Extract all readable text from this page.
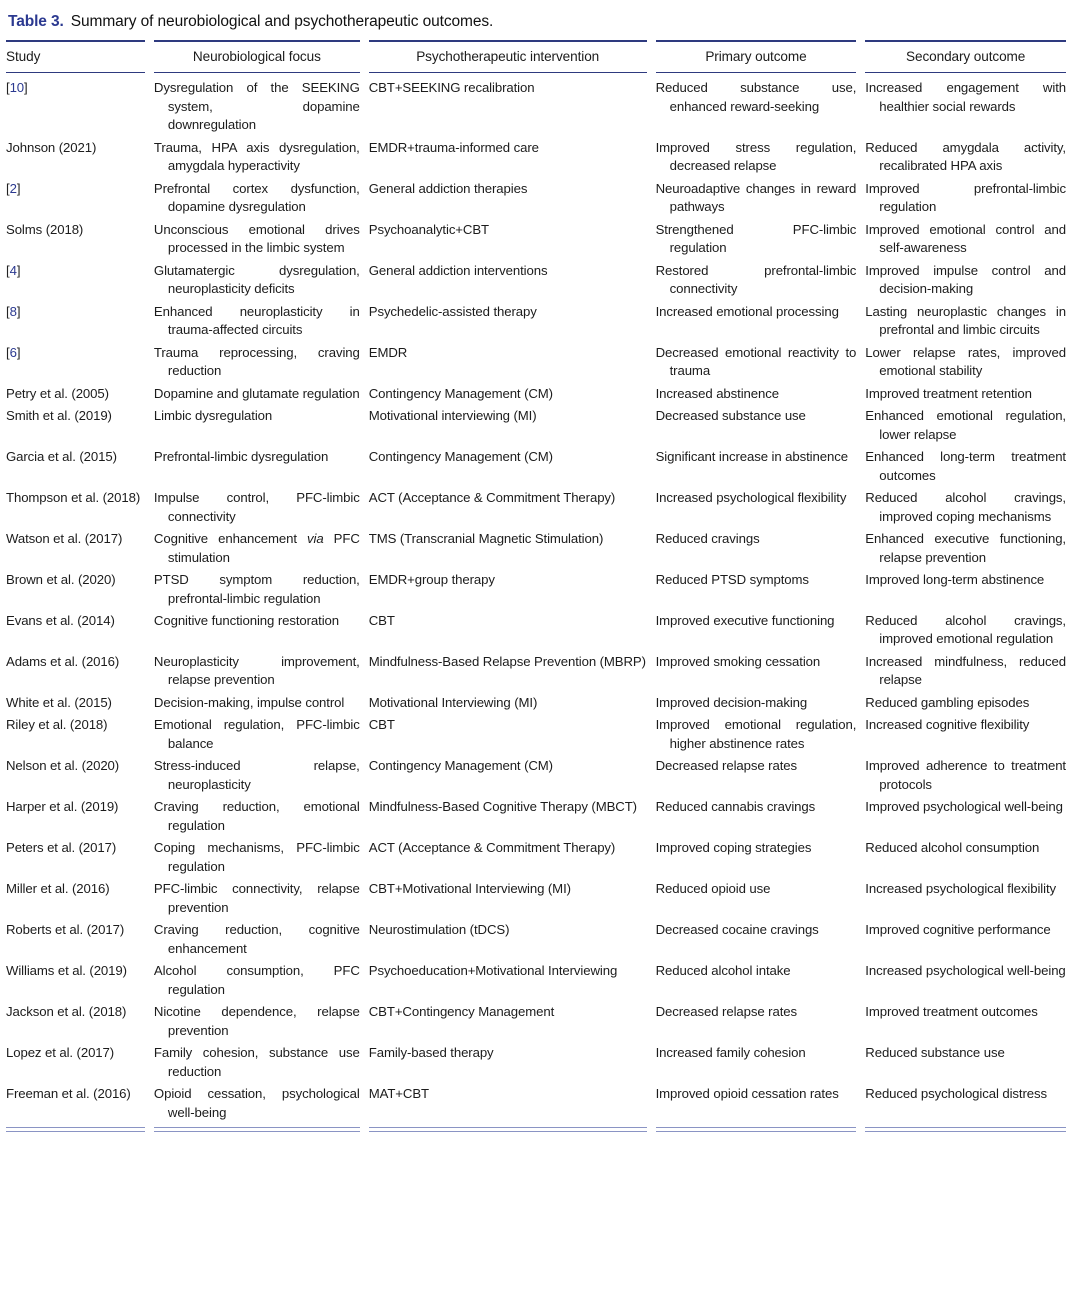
Table 3. Summary of neurobiological and psychotherapeutic outcomes.
Study	Neurobiological focus	Psychotherapeutic intervention	Primary outcome	Secondary outcome

[10]	Dysregulation of the SEEKING system, dopamine downregulation	CBT+SEEKING recalibration	Reduced substance use, enhanced reward-seeking	Increased engagement with healthier social rewards

Johnson (2021)	Trauma, HPA axis dysregulation, amygdala hyperactivity	EMDR+trauma-informed care	Improved stress regulation, decreased relapse	Reduced amygdala activity, recalibrated HPA axis

[2]	Prefrontal cortex dysfunction, dopamine dysregulation	General addiction therapies	Neuroadaptive changes in reward pathways	Improved prefrontal-limbic regulation

Solms (2018)	Unconscious emotional drives processed in the limbic system	Psychoanalytic+CBT	Strengthened PFC-limbic regulation	Improved emotional control and self-awareness

[4]	Glutamatergic dysregulation, neuroplasticity deficits	General addiction interventions	Restored prefrontal-limbic connectivity	Improved impulse control and decision-making

[8]	Enhanced neuroplasticity in trauma-affected circuits	Psychedelic-assisted therapy	Increased emotional processing	Lasting neuroplastic changes in prefrontal and limbic circuits

[6]	Trauma reprocessing, craving reduction	EMDR	Decreased emotional reactivity to trauma	Lower relapse rates, improved emotional stability

Petry et al. (2005)	Dopamine and glutamate regulation	Contingency Management (CM)	Increased abstinence	Improved treatment retention

Smith et al. (2019)	Limbic dysregulation	Motivational interviewing (MI)	Decreased substance use	Enhanced emotional regulation, lower relapse

Garcia et al. (2015)	Prefrontal-limbic dysregulation	Contingency Management (CM)	Significant increase in abstinence	Enhanced long-term treatment outcomes

Thompson et al. (2018)	Impulse control, PFC-limbic connectivity	ACT (Acceptance & Commitment Therapy)	Increased psychological flexibility	Reduced alcohol cravings, improved coping mechanisms

Watson et al. (2017)	Cognitive enhancement via PFC stimulation	TMS (Transcranial Magnetic Stimulation)	Reduced cravings	Enhanced executive functioning, relapse prevention

Brown et al. (2020)	PTSD symptom reduction, prefrontal-limbic regulation	EMDR+group therapy	Reduced PTSD symptoms	Improved long-term abstinence

Evans et al. (2014)	Cognitive functioning restoration	CBT	Improved executive functioning	Reduced alcohol cravings, improved emotional regulation

Adams et al. (2016)	Neuroplasticity improvement, relapse prevention	Mindfulness-Based Relapse Prevention (MBRP)	Improved smoking cessation	Increased mindfulness, reduced relapse

White et al. (2015)	Decision-making, impulse control	Motivational Interviewing (MI)	Improved decision-making	Reduced gambling episodes

Riley et al. (2018)	Emotional regulation, PFC-limbic balance	CBT	Improved emotional regulation, higher abstinence rates	Increased cognitive flexibility

Nelson et al. (2020)	Stress-induced relapse, neuroplasticity	Contingency Management (CM)	Decreased relapse rates	Improved adherence to treatment protocols

Harper et al. (2019)	Craving reduction, emotional regulation	Mindfulness-Based Cognitive Therapy (MBCT)	Reduced cannabis cravings	Improved psychological well-being

Peters et al. (2017)	Coping mechanisms, PFC-limbic regulation	ACT (Acceptance & Commitment Therapy)	Improved coping strategies	Reduced alcohol consumption

Miller et al. (2016)	PFC-limbic connectivity, relapse prevention	CBT+Motivational Interviewing (MI)	Reduced opioid use	Increased psychological flexibility

Roberts et al. (2017)	Craving reduction, cognitive enhancement	Neurostimulation (tDCS)	Decreased cocaine cravings	Improved cognitive performance

Williams et al. (2019)	Alcohol consumption, PFC regulation	Psychoeducation+Motivational Interviewing	Reduced alcohol intake	Increased psychological well-being

Jackson et al. (2018)	Nicotine dependence, relapse prevention	CBT+Contingency Management	Decreased relapse rates	Improved treatment outcomes

Lopez et al. (2017)	Family cohesion, substance use reduction	Family-based therapy	Increased family cohesion	Reduced substance use

Freeman et al. (2016)	Opioid cessation, psychological well-being	MAT+CBT	Improved opioid cessation rates	Reduced psychological distress
